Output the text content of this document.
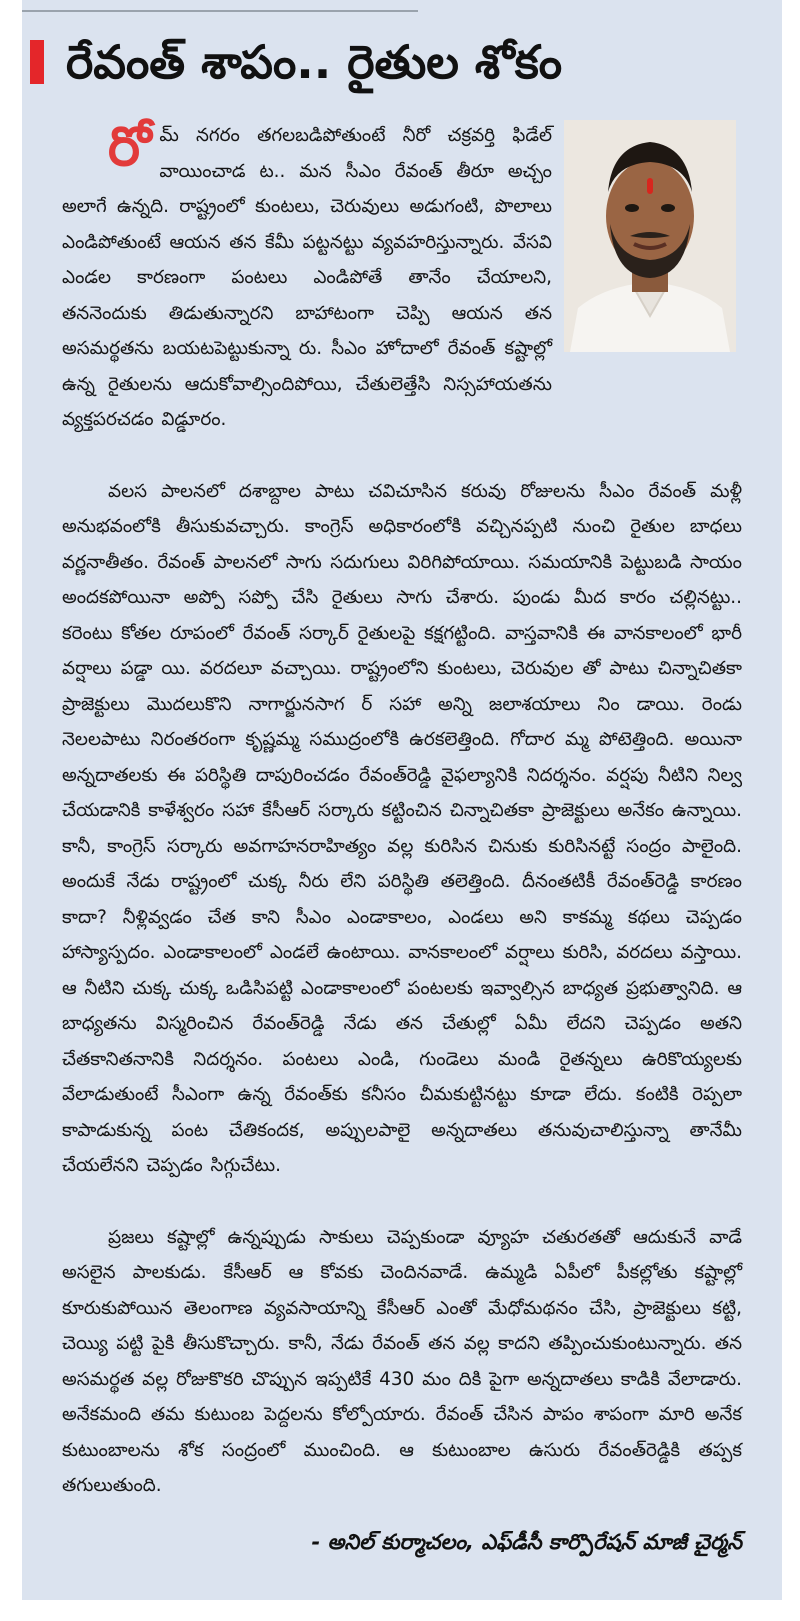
రేవంత్ శాపం.. రైతుల శోకం

రోమ్ నగరం తగలబడిపోతుంటే నీరో చక్రవర్తి ఫిడేల్ వాయించాడ ట.. మన సీఎం రేవంత్ తీరూ అచ్చం అలాగే ఉన్నది. రాష్ట్రంలో కుంటలు, చెరువులు అడుగంటి, పొలాలు ఎండిపోతుంటే ఆయన తన కేమీ పట్టనట్టు వ్యవహరిస్తున్నారు. వేసవి ఎండల కారణంగా పంటలు ఎండిపోతే తానేం చేయాలని, తననెందుకు తిడుతున్నారని బాహాటంగా చెప్పి ఆయన తన అసమర్థతను బయటపెట్టుకున్నా రు. సీఎం హోదాలో రేవంత్ కష్టాల్లో ఉన్న రైతులను ఆదుకోవాల్సిందిపోయి, చేతులెత్తేసి నిస్సహాయతను వ్యక్తపరచడం విడ్డూరం.

వలస పాలనలో దశాబ్దాల పాటు చవిచూసిన కరువు రోజులను సీఎం రేవంత్ మళ్లీ అనుభవంలోకి తీసుకువచ్చారు. కాంగ్రెస్ అధికారంలోకి వచ్చినప్పటి నుంచి రైతుల బాధలు వర్ణనాతీతం. రేవంత్ పాలనలో సాగు సదుగులు విరిగిపోయాయి. సమయానికి పెట్టుబడి సాయం అందకపోయినా అప్పో సప్పో చేసి రైతులు సాగు చేశారు. పుండు మీద కారం చల్లినట్టు.. కరెంటు కోతల రూపంలో రేవంత్ సర్కార్ రైతులపై కక్షగట్టింది. వాస్తవానికి ఈ వానకాలంలో భారీ వర్షాలు పడ్డా యి. వరదలూ వచ్చాయి. రాష్ట్రంలోని కుంటలు, చెరువుల తో పాటు చిన్నాచితకా ప్రాజెక్టులు మొదలుకొని నాగార్జునసాగ ర్ సహా అన్ని జలాశయాలు నిం డాయి. రెండు నెలలపాటు నిరంతరంగా కృష్ణమ్మ సముద్రంలోకి ఉరకలెత్తింది. గోదార మ్మ పోటెత్తింది. అయినా అన్నదాతలకు ఈ పరిస్థితి దాపురించడం రేవంత్‌రెడ్డి వైఫల్యానికి నిదర్శనం. వర్షపు నీటిని నిల్వ చేయడానికి కాళేశ్వరం సహా కేసీఆర్ సర్కారు కట్టించిన చిన్నాచితకా ప్రాజెక్టులు అనేకం ఉన్నాయి. కానీ, కాంగ్రెస్ సర్కారు అవగాహనరాహిత్యం వల్ల కురిసిన చినుకు కురిసినట్టే సంద్రం పాలైంది. అందుకే నేడు రాష్ట్రంలో చుక్క నీరు లేని పరిస్థితి తలెత్తింది. దీనంతటికీ రేవంత్‌రెడ్డి కారణం కాదా? నీళ్లివ్వడం చేత కాని సీఎం ఎండాకాలం, ఎండలు అని కాకమ్మ కథలు చెప్పడం హాస్యాస్పదం. ఎండాకాలంలో ఎండలే ఉంటాయి. వానకాలంలో వర్షాలు కురిసి, వరదలు వస్తాయి. ఆ నీటిని చుక్క చుక్క ఒడిసిపట్టి ఎండాకాలంలో పంటలకు ఇవ్వాల్సిన బాధ్యత ప్రభుత్వానిది. ఆ బాధ్యతను విస్మరించిన రేవంత్‌రెడ్డి నేడు తన చేతుల్లో ఏమీ లేదని చెప్పడం అతని చేతకానితనానికి నిదర్శనం. పంటలు ఎండి, గుండెలు మండి రైతన్నలు ఉరికొయ్యలకు వేలాడుతుంటే సీఎంగా ఉన్న రేవంత్‌కు కనీసం చీమకుట్టినట్టు కూడా లేదు. కంటికి రెప్పలా కాపాడుకున్న పంట చేతికందక, అప్పులపాలై అన్నదాతలు తనువుచాలిస్తున్నా తానేమీ చేయలేనని చెప్పడం సిగ్గుచేటు.

ప్రజలు కష్టాల్లో ఉన్నప్పుడు సాకులు చెప్పకుండా వ్యూహ చతురతతో ఆదుకునే వాడే అసలైన పాలకుడు. కేసీఆర్ ఆ కోవకు చెందినవాడే. ఉమ్మడి ఏపీలో పీకల్లోతు కష్టాల్లో కూరుకుపోయిన తెలంగాణ వ్యవసాయాన్ని కేసీఆర్ ఎంతో మేధోమథనం చేసి, ప్రాజెక్టులు కట్టి, చెయ్యి పట్టి పైకి తీసుకొచ్చారు. కానీ, నేడు రేవంత్ తన వల్ల కాదని తప్పించుకుంటున్నారు. తన అసమర్థత వల్ల రోజుకొకరి చొప్పున ఇప్పటికే 430 మం దికి పైగా అన్నదాతలు కాడికి వేలాడారు. అనేకమంది తమ కుటుంబ పెద్దలను కోల్పోయారు. రేవంత్ చేసిన పాపం శాపంగా మారి అనేక కుటుంబాలను శోక సంద్రంలో ముంచింది. ఆ కుటుంబాల ఉసురు రేవంత్‌రెడ్డికి తప్పక తగులుతుంది.

- అనిల్ కుర్మాచలం, ఎఫ్‌డీసీ కార్పొరేషన్ మాజీ చైర్మన్
